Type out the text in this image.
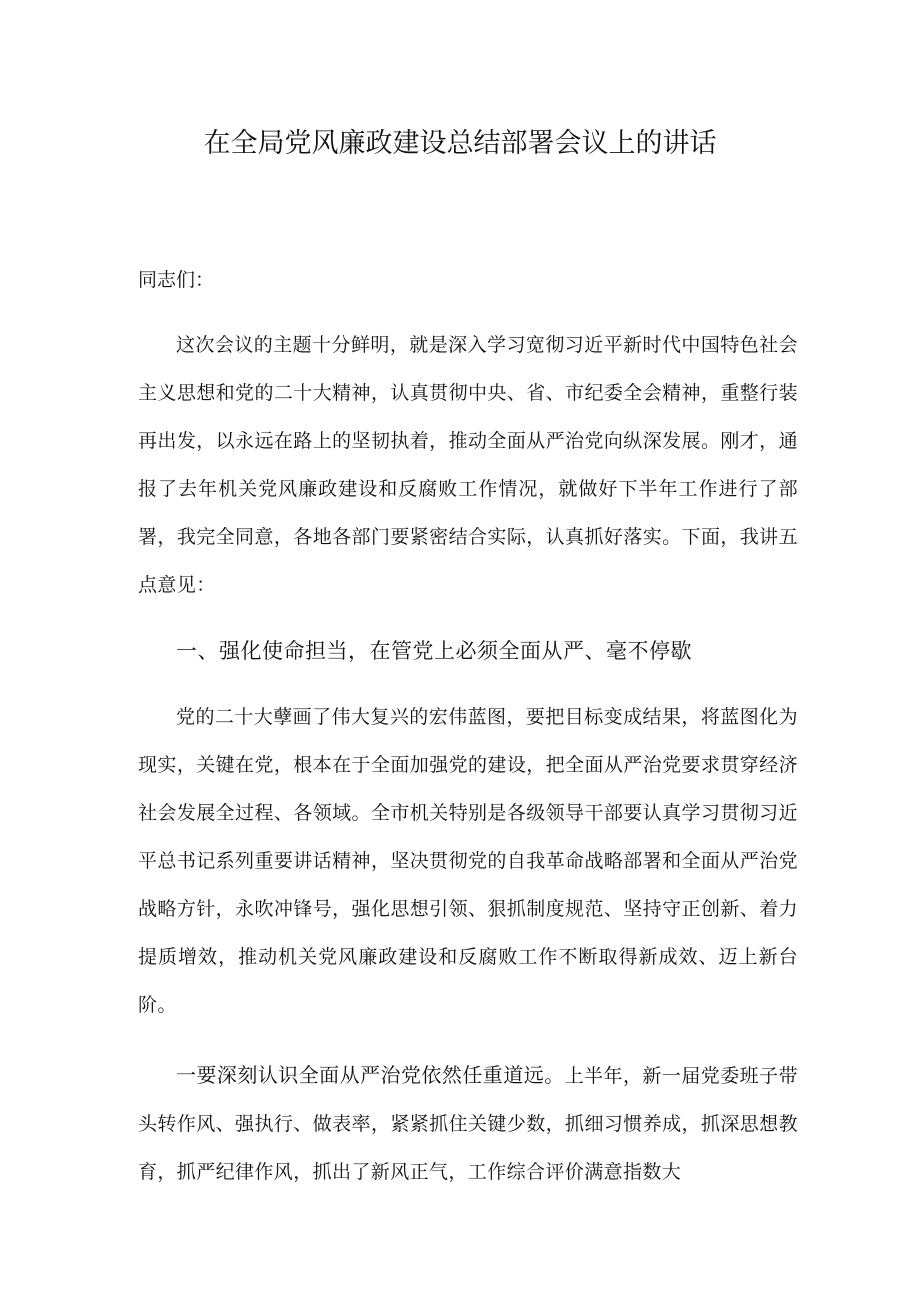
在全局党风廉政建设总结部署会议上的讲话

同志们：

这次会议的主题十分鲜明，就是深入学习宽彻习近平新时代中国特色社会主义思想和党的二十大精神，认真贯彻中央、省、市纪委全会精神，重整行装再出发，以永远在路上的坚韧执着，推动全面从严治党向纵深发展。刚才，通报了去年机关党风廉政建设和反腐败工作情况，就做好下半年工作进行了部署，我完全同意，各地各部门要紧密结合实际，认真抓好落实。下面，我讲五点意见：

一、强化使命担当，在管党上必须全面从严、毫不停歇

党的二十大孽画了伟大复兴的宏伟蓝图，要把目标变成结果，将蓝图化为现实，关键在党，根本在于全面加强党的建设，把全面从严治党要求贯穿经济社会发展全过程、各领域。全市机关特别是各级领导干部要认真学习贯彻习近平总书记系列重要讲话精神，坚决贯彻党的自我革命战略部署和全面从严治党战略方针，永吹冲锋号，强化思想引领、狠抓制度规范、坚持守正创新、着力提质增效，推动机关党风廉政建设和反腐败工作不断取得新成效、迈上新台阶。

一要深刻认识全面从严治党依然任重道远。上半年，新一届党委班子带头转作风、强执行、做表率，紧紧抓住关键少数，抓细习惯养成，抓深思想教育，抓严纪律作风，抓出了新风正气，工作综合评价满意指数大
